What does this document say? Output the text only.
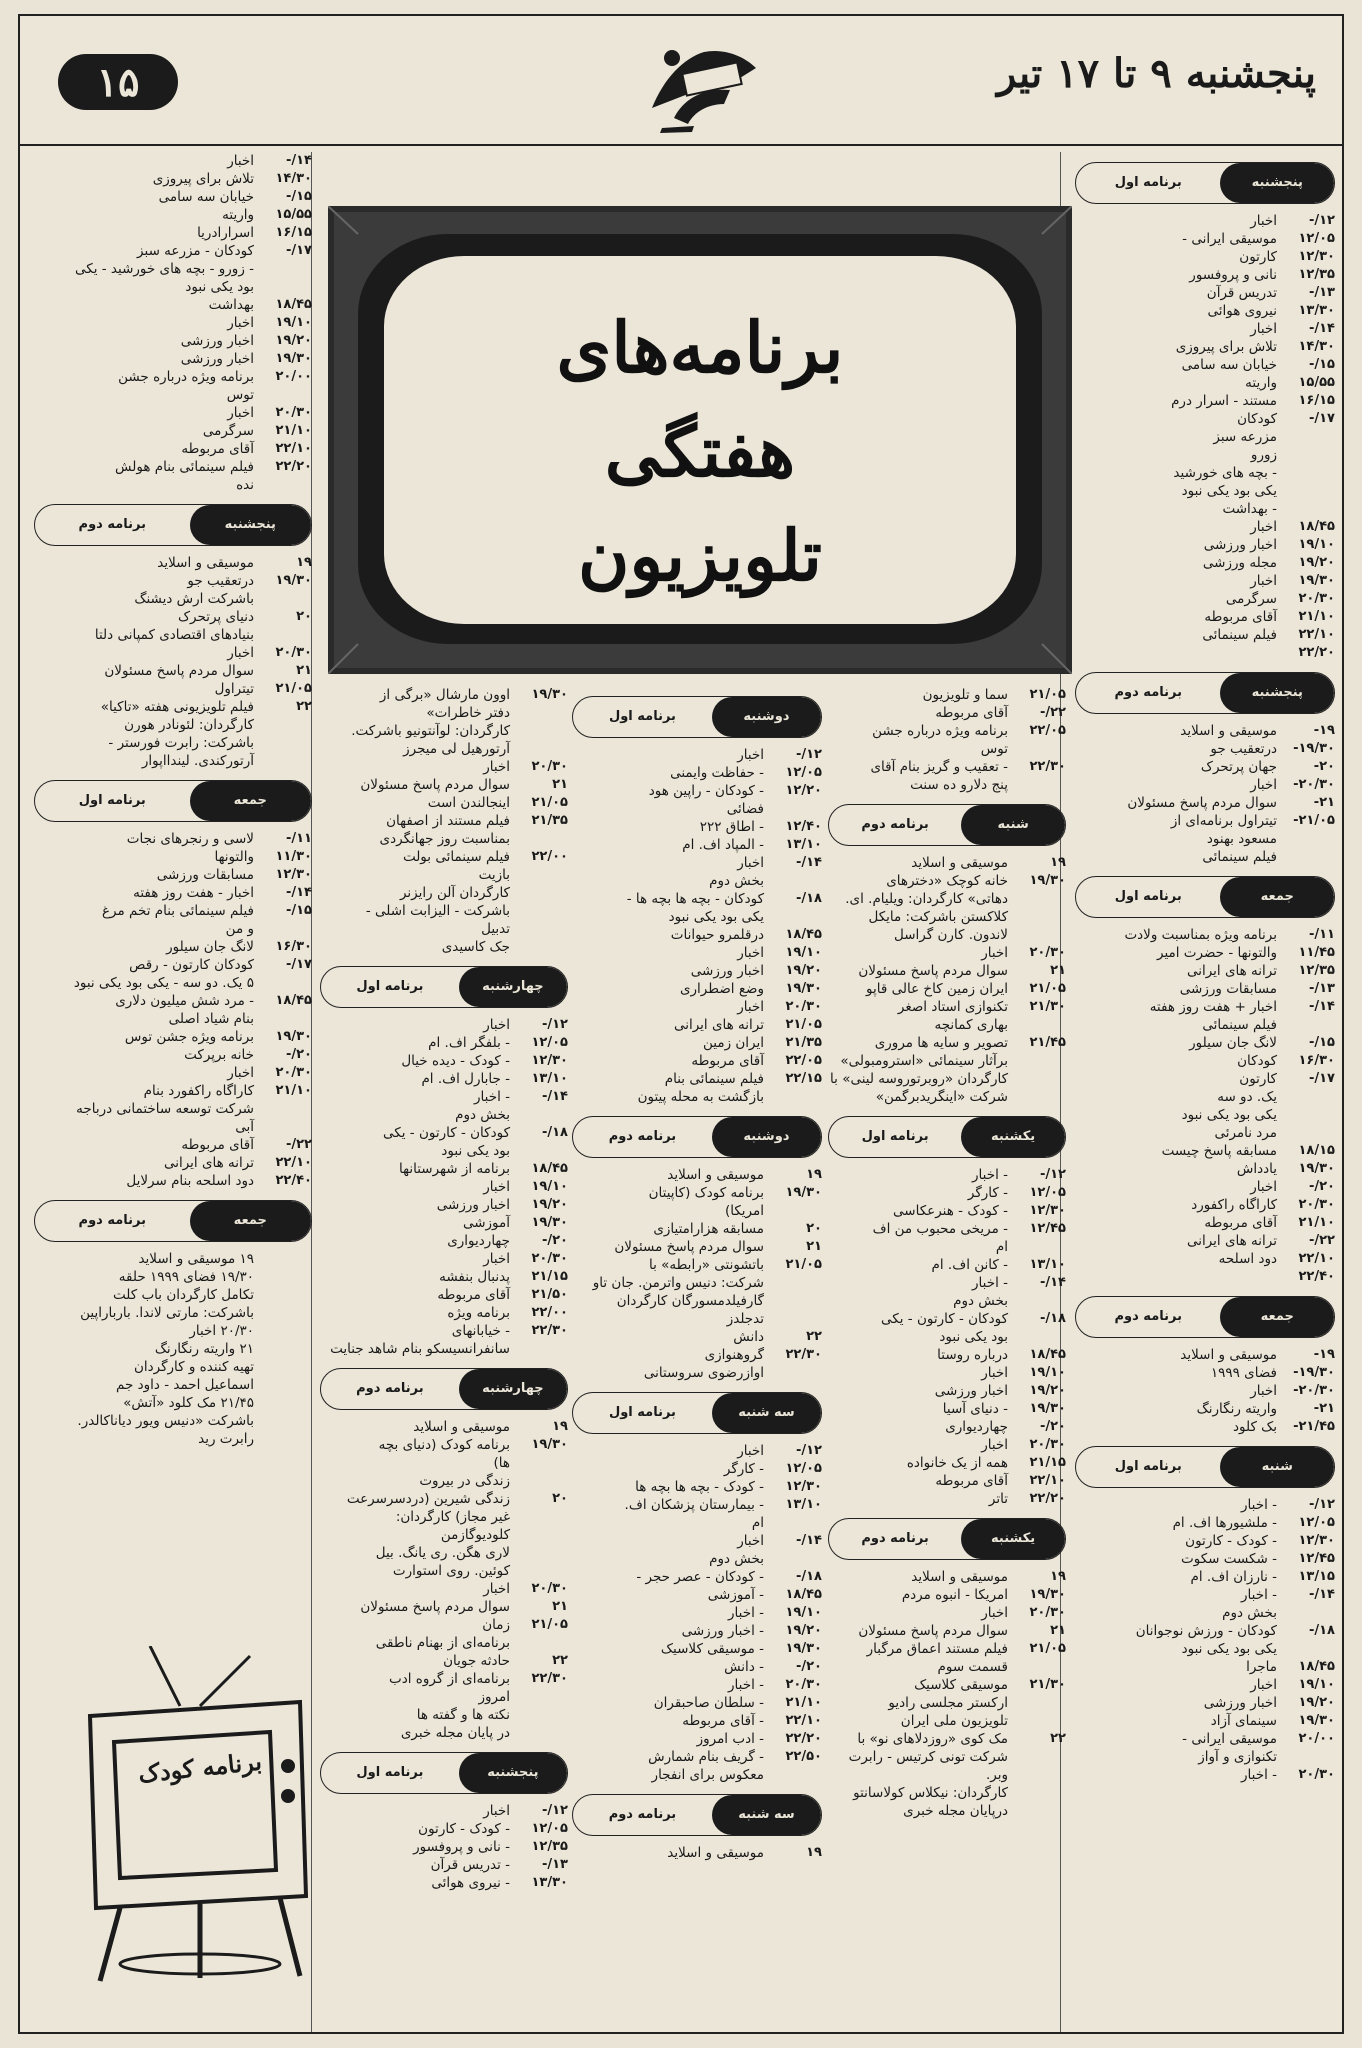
۱۵	پنجشنبه ۹ تا ۱۷ تیر
برنامه‌های
هفتگی
تلویزیون
پنجشنبه
برنامه اول
۱۲/-
اخبار
۱۲/۰۵
موسیقی ایرانی -
۱۲/۳۰
کارتون
۱۲/۳۵
نانی و پروفسور
۱۳/-
تدریس قرآن
۱۳/۳۰
نیروی هوائی
۱۴/-
اخبار
۱۴/۳۰
تلاش برای پیروزی
۱۵/-
خیابان سه سامی
۱۵/۵۵
واریته
۱۶/۱۵
مستند - اسرار درم
۱۷/-
کودکان
مزرعه سبز
زورو
- بچه های خورشید
یکی بود یکی نبود
- بهداشت
۱۸/۴۵
اخبار
۱۹/۱۰
اخبار ورزشی
۱۹/۲۰
مجله ورزشی
۱۹/۳۰
اخبار
۲۰/۳۰
سرگرمی
۲۱/۱۰
آقای مربوطه
۲۲/۱۰
فیلم سینمائی
۲۲/۲۰
پنجشنبه
برنامه دوم
۱۹-
موسیقی و اسلاید
۱۹/۳۰-
درتعقیب جو
۲۰-
جهان پرتحرک
۲۰/۳۰-
اخبار
۲۱-
سوال مردم پاسخ مسئولان
۲۱/۰۵-
تیتراول برنامه‌ای از
مسعود بهنود
فیلم سینمائی
جمعه
برنامه اول
۱۱/-
برنامه ویژه بمناسبت ولادت
۱۱/۴۵
والتونها - حضرت امیر
۱۲/۳۵
ترانه های ایرانی
۱۳/-
مسابقات ورزشی
۱۴/-
اخبار + هفت روز هفته
فیلم سینمائی
۱۵/-
لانگ جان سیلور
۱۶/۳۰
کودکان
۱۷/-
کارتون
یک. دو سه
یکی بود یکی نبود
مرد نامرئی
۱۸/۱۵
مسابقه پاسخ چیست
۱۹/۳۰
یادداش
۲۰/-
اخبار
۲۰/۳۰
کاراگاه راکفورد
۲۱/۱۰
آقای مربوطه
۲۲/-
ترانه های ایرانی
۲۲/۱۰
دود اسلحه
۲۲/۴۰
جمعه
برنامه دوم
۱۹-
موسیقی و اسلاید
۱۹/۳۰-
فضای ۱۹۹۹
۲۰/۳۰-
اخبار
۲۱-
واریته رنگارنگ
۲۱/۴۵-
بک کلود
شنبه
برنامه اول
۱۲/-
- اخبار
۱۲/۰۵
- ملشیورها اف. ام
۱۲/۳۰
- کودک - کارتون
۱۲/۴۵
- شکست سکوت
۱۳/۱۵
- نارزان اف. ام
۱۴/-
- اخبار
بخش دوم
۱۸/-
کودکان - ورزش نوجوانان
یکی بود یکی نبود
۱۸/۴۵
ماجرا
۱۹/۱۰
اخبار
۱۹/۲۰
اخبار ورزشی
۱۹/۳۰
سینمای آزاد
۲۰/۰۰
موسیقی ایرانی -
تکنوازی و آواز
۲۰/۳۰
- اخبار
۲۱/۰۵
سما و تلویزیون
۲۲/-
آقای مربوطه
۲۲/۰۵
برنامه ویژه درباره جشن
توس
۲۲/۳۰
- تعقیب و گریز بنام آقای
پنج دلارو ده سنت
شنبه
برنامه دوم
۱۹
موسیقی و اسلاید
۱۹/۳۰
خانه کوچک «دخترهای
دهاتی» کارگردان: ویلیام. ای.
کلاکستن باشرکت: مایکل
لاندون. کارن گراسل
۲۰/۳۰
اخبار
۲۱
سوال مردم پاسخ مسئولان
۲۱/۰۵
ایران زمین کاخ عالی قاپو
۲۱/۳۰
تکنوازی استاد اصغر
بهاری کمانچه
۲۱/۴۵
تصویر و سایه ها مروری
برآثار سینمائی «استرومبولی»
کارگردان «روبرتوروسه لینی» با
شرکت «اینگریدبرگمن»
یکشنبه
برنامه اول
۱۲/-
- اخبار
۱۲/۰۵
- کارگر
۱۲/۳۰
- کودک - هنرعکاسی
۱۲/۴۵
- مریخی محبوب من اف
ام
۱۳/۱۰
- کانن اف. ام
۱۴/-
- اخبار
بخش دوم
۱۸/-
کودکان - کارتون - یکی
بود یکی نبود
۱۸/۴۵
درباره روستا
۱۹/۱۰
اخبار
۱۹/۲۰
اخبار ورزشی
۱۹/۳۰
- دنیای آسیا
۲۰/-
چهاردیواری
۲۰/۳۰
اخبار
۲۱/۱۵
همه از یک خانواده
۲۲/۱۰
آقای مربوطه
۲۲/۲۰
تاتر
یکشنبه
برنامه دوم
۱۹
موسیقی و اسلاید
۱۹/۳۰
امریکا - انبوه مردم
۲۰/۳۰
اخبار
۲۱
سوال مردم پاسخ مسئولان
۲۱/۰۵
فیلم مستند اعماق مرگبار
قسمت سوم
۲۱/۳۰
موسیقی کلاسیک
ارکستر مجلسی رادیو
تلویزیون ملی ایران
۲۲
مک کوی «روزدلاهای نو» با
شرکت تونی کرتیس - رابرت وبر.
کارگردان: نیکلاس کولاسانتو
درپایان مجله خبری
دوشنبه
برنامه اول
۱۲/-
اخبار
۱۲/۰۵
- حفاظت وایمنی
۱۲/۲۰
- کودکان - راپین هود
فضائی
۱۲/۴۰
- اطاق ۲۲۲
۱۳/۱۰
- المپاد اف. ام
۱۴/-
اخبار
بخش دوم
۱۸/-
کودکان - بچه ها بچه ها -
یکی بود یکی نبود
۱۸/۴۵
درقلمرو حیوانات
۱۹/۱۰
اخبار
۱۹/۲۰
اخبار ورزشی
۱۹/۳۰
وضع اضطراری
۲۰/۳۰
اخبار
۲۱/۰۵
ترانه های ایرانی
۲۱/۳۵
ایران زمین
۲۲/۰۵
آقای مربوطه
۲۲/۱۵
فیلم سینمائی بنام
بازگشت به محله پیتون
دوشنبه
برنامه دوم
۱۹
موسیقی و اسلاید
۱۹/۳۰
برنامه کودک (کاپیتان
امریکا)
۲۰
مسابقه هزارامتیازی
۲۱
سوال مردم پاسخ مسئولان
۲۱/۰۵
باتشونتی «رابطه» با
شرکت: دنیس واترمن. جان تاو
گارفیلدمسورگان کارگردان
تدجلدز
۲۲
دانش
۲۲/۳۰
گروهنوازی
اوازرضوی سروستانی
سه شنبه
برنامه اول
۱۲/-
اخبار
۱۲/۰۵
- کارگر
۱۲/۳۰
- کودک - بچه ها بچه ها
۱۳/۱۰
- بیمارستان پزشکان اف.
ام
۱۴/-
اخبار
بخش دوم
۱۸/-
- کودکان - عصر حجر -
۱۸/۴۵
- آموزشی
۱۹/۱۰
- اخبار
۱۹/۲۰
- اخبار ورزشی
۱۹/۳۰
- موسیقی کلاسیک
۲۰/-
- دانش
۲۰/۳۰
- اخبار
۲۱/۱۰
- سلطان صاحبقران
۲۲/۱۰
- آقای مربوطه
۲۲/۲۰
- ادب امروز
۲۲/۵۰
- گریف بنام شمارش
معکوس برای انفجار
سه شنبه
برنامه دوم
۱۹
موسیقی و اسلاید
۱۹/۳۰
اوون مارشال «برگی از
دفتر خاطرات»
کارگردان: لوآنتونیو باشرکت.
آرتورهیل لی میجرز
۲۰/۳۰
اخبار
۲۱
سوال مردم پاسخ مسئولان
۲۱/۰۵
اینجالندن است
۲۱/۳۵
فیلم مستند از اصفهان
بمناسبت روز جهانگردی
۲۲/۰۰
فیلم سینمائی بولت
بازیت
کارگردان آلن رایزنر
باشرکت - الیزابت اشلی -
تدبیل
جک کاسیدی
چهارشنبه
برنامه اول
۱۲/-
اخبار
۱۲/۰۵
- بلفگر اف. ام
۱۲/۳۰
- کودک - دیده خیال
۱۳/۱۰
- جابارل اف. ام
۱۴/-
- اخبار
بخش دوم
۱۸/-
کودکان - کارتون - یکی
بود یکی نبود
۱۸/۴۵
برنامه از شهرستانها
۱۹/۱۰
اخبار
۱۹/۲۰
اخبار ورزشی
۱۹/۳۰
آموزشی
۲۰/-
چهاردیواری
۲۰/۳۰
اخبار
۲۱/۱۵
پدنبال بنفشه
۲۱/۵۰
آقای مربوطه
۲۲/۰۰
برنامه ویژه
۲۲/۳۰
- خیابانهای
سانفرانسیسکو بنام شاهد جنایت
چهارشنبه
برنامه دوم
۱۹
موسیقی و اسلاید
۱۹/۳۰
برنامه کودک (دنیای بچه
ها)
زندگی در بیروت
۲۰
زندگی شیرین (دردسرسرعت
غیر مجاز) کارگردان:
کلودیوگازمن
لاری هگن. ری یانگ. بیل
کوئین. روی استوارت
۲۰/۳۰
اخبار
۲۱
سوال مردم پاسخ مسئولان
۲۱/۰۵
زمان
برنامه‌ای از بهنام ناطقی
۲۲
حادثه جویان
۲۲/۳۰
برنامه‌ای از گروه ادب
امروز
نکته ها و گفته ها
در پایان مجله خبری
پنجشنبه
برنامه اول
۱۲/-
اخبار
۱۲/۰۵
- کودک - کارتون
۱۲/۳۵
- نانی و پروفسور
۱۳/-
- تدریس قرآن
۱۳/۳۰
- نیروی هوائی
۱۴/-
اخبار
۱۴/۳۰
تلاش برای پیروزی
۱۵/-
خیابان سه سامی
۱۵/۵۵
واریته
۱۶/۱۵
اسرارادریا
۱۷/-
کودکان - مزرعه سبز
- زورو - بچه های خورشید - یکی
بود یکی نبود
۱۸/۴۵
بهداشت
۱۹/۱۰
اخبار
۱۹/۲۰
اخبار ورزشی
۱۹/۳۰
اخبار ورزشی
۲۰/۰۰
برنامه ویژه درباره جشن
توس
۲۰/۳۰
اخبار
۲۱/۱۰
سرگرمی
۲۲/۱۰
آقای مربوطه
۲۲/۲۰
فیلم سینمائی بنام هولش
نده
پنجشنبه
برنامه دوم
۱۹
موسیقی و اسلاید
۱۹/۳۰
درتعقیب جو
باشرکت ارش دیشنگ
۲۰
دنیای پرتحرک
بنیادهای اقتصادی کمپانی دلتا
۲۰/۳۰
اخبار
۲۱
سوال مردم پاسخ مسئولان
۲۱/۰۵
تیتراول
۲۲
فیلم تلویزیونی هفته «تاکیا»
کارگردان: لئونادر هورن
باشرکت: رابرت فورستر -
آرتورکندی. لیندااپوار
جمعه
برنامه اول
۱۱/-
لاسی و رنجرهای نجات
۱۱/۳۰
والتونها
۱۲/۳۰
مسابقات ورزشی
۱۴/-
اخبار - هفت روز هفته
۱۵/-
فیلم سینمائی بنام تخم مرغ
و من
۱۶/۳۰
لانگ جان سیلور
۱۷/-
کودکان کارتون - رقص
۵ یک. دو سه - یکی بود یکی نبود
۱۸/۴۵
- مرد شش میلیون دلاری
بنام شیاد اصلی
۱۹/۳۰
برنامه ویژه جشن توس
۲۰/-
خانه برپرکت
۲۰/۳۰
اخبار
۲۱/۱۰
کاراگاه راکفورد بنام
شرکت توسعه ساختمانی درباجه
آبی
۲۲/-
آقای مربوطه
۲۲/۱۰
ترانه های ایرانی
۲۲/۴۰
دود اسلحه بنام سرلایل
جمعه
برنامه دوم
۱۹ موسیقی و اسلاید
۱۹/۳۰ فضای ۱۹۹۹ حلقه
تکامل کارگردان باب کلت
باشرکت: مارتی لاندا. بارباراپین
۲۰/۳۰ اخبار
۲۱ واریته رنگارنگ
تهیه کننده و کارگردان
اسماعیل احمد - داود جم
۲۱/۴۵ مک کلود «آتش»
باشرکت «دنیس ویور دیاناکالدر.
رابرت رید
برنامه کودک
